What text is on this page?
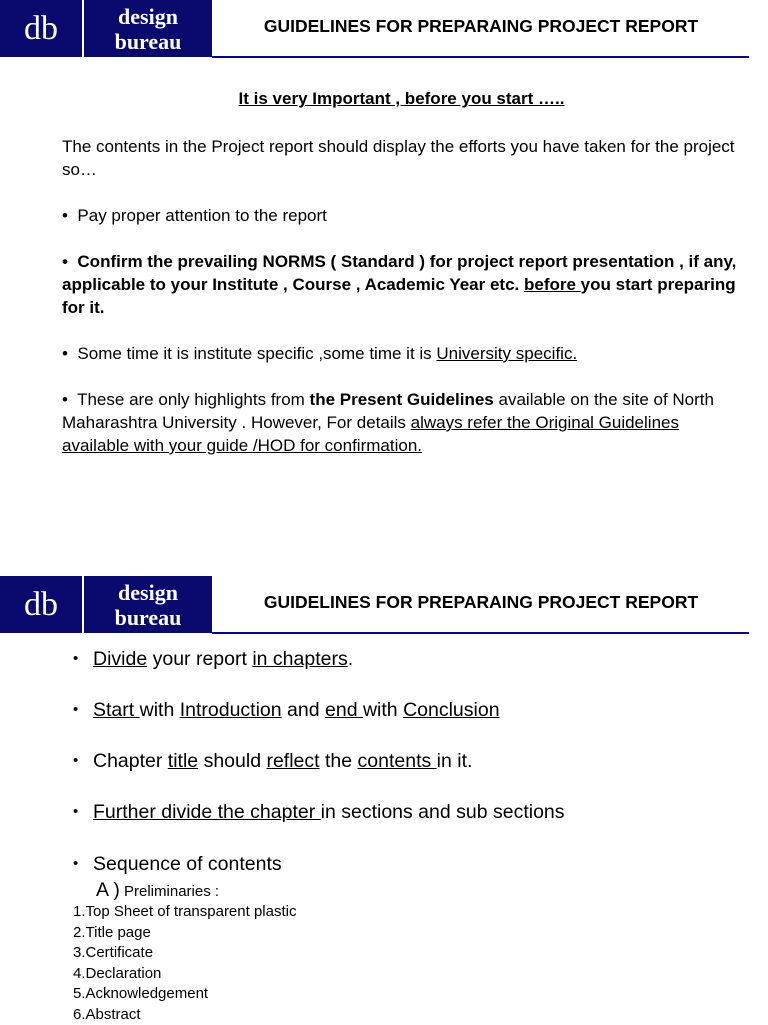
db	design
bureau
GUIDELINES FOR PREPARAING PROJECT REPORT
It is very Important , before you start …..
The contents in the Project report should display the efforts you have taken for the project so…
•  Pay proper attention to the report
•  Confirm the prevailing NORMS ( Standard ) for project report presentation , if any, applicable to your Institute , Course , Academic Year etc. before you start preparing for it.
•  Some time it is institute specific ,some time it is University specific.
•  These are only highlights from the Present Guidelines available on the site of North Maharashtra University . However, For details always refer the Original Guidelines available with your guide /HOD for confirmation.
db	design
bureau
GUIDELINES FOR PREPARAING PROJECT REPORT
• Divide your report in chapters.
• Start with Introduction and end with Conclusion
• Chapter title should reflect the contents in it.
• Further divide the chapter in sections and sub sections
• Sequence of contents
A ) Preliminaries :
1.Top Sheet of transparent plastic
2.Title page
3.Certificate
4.Declaration
5.Acknowledgement
6.Abstract
